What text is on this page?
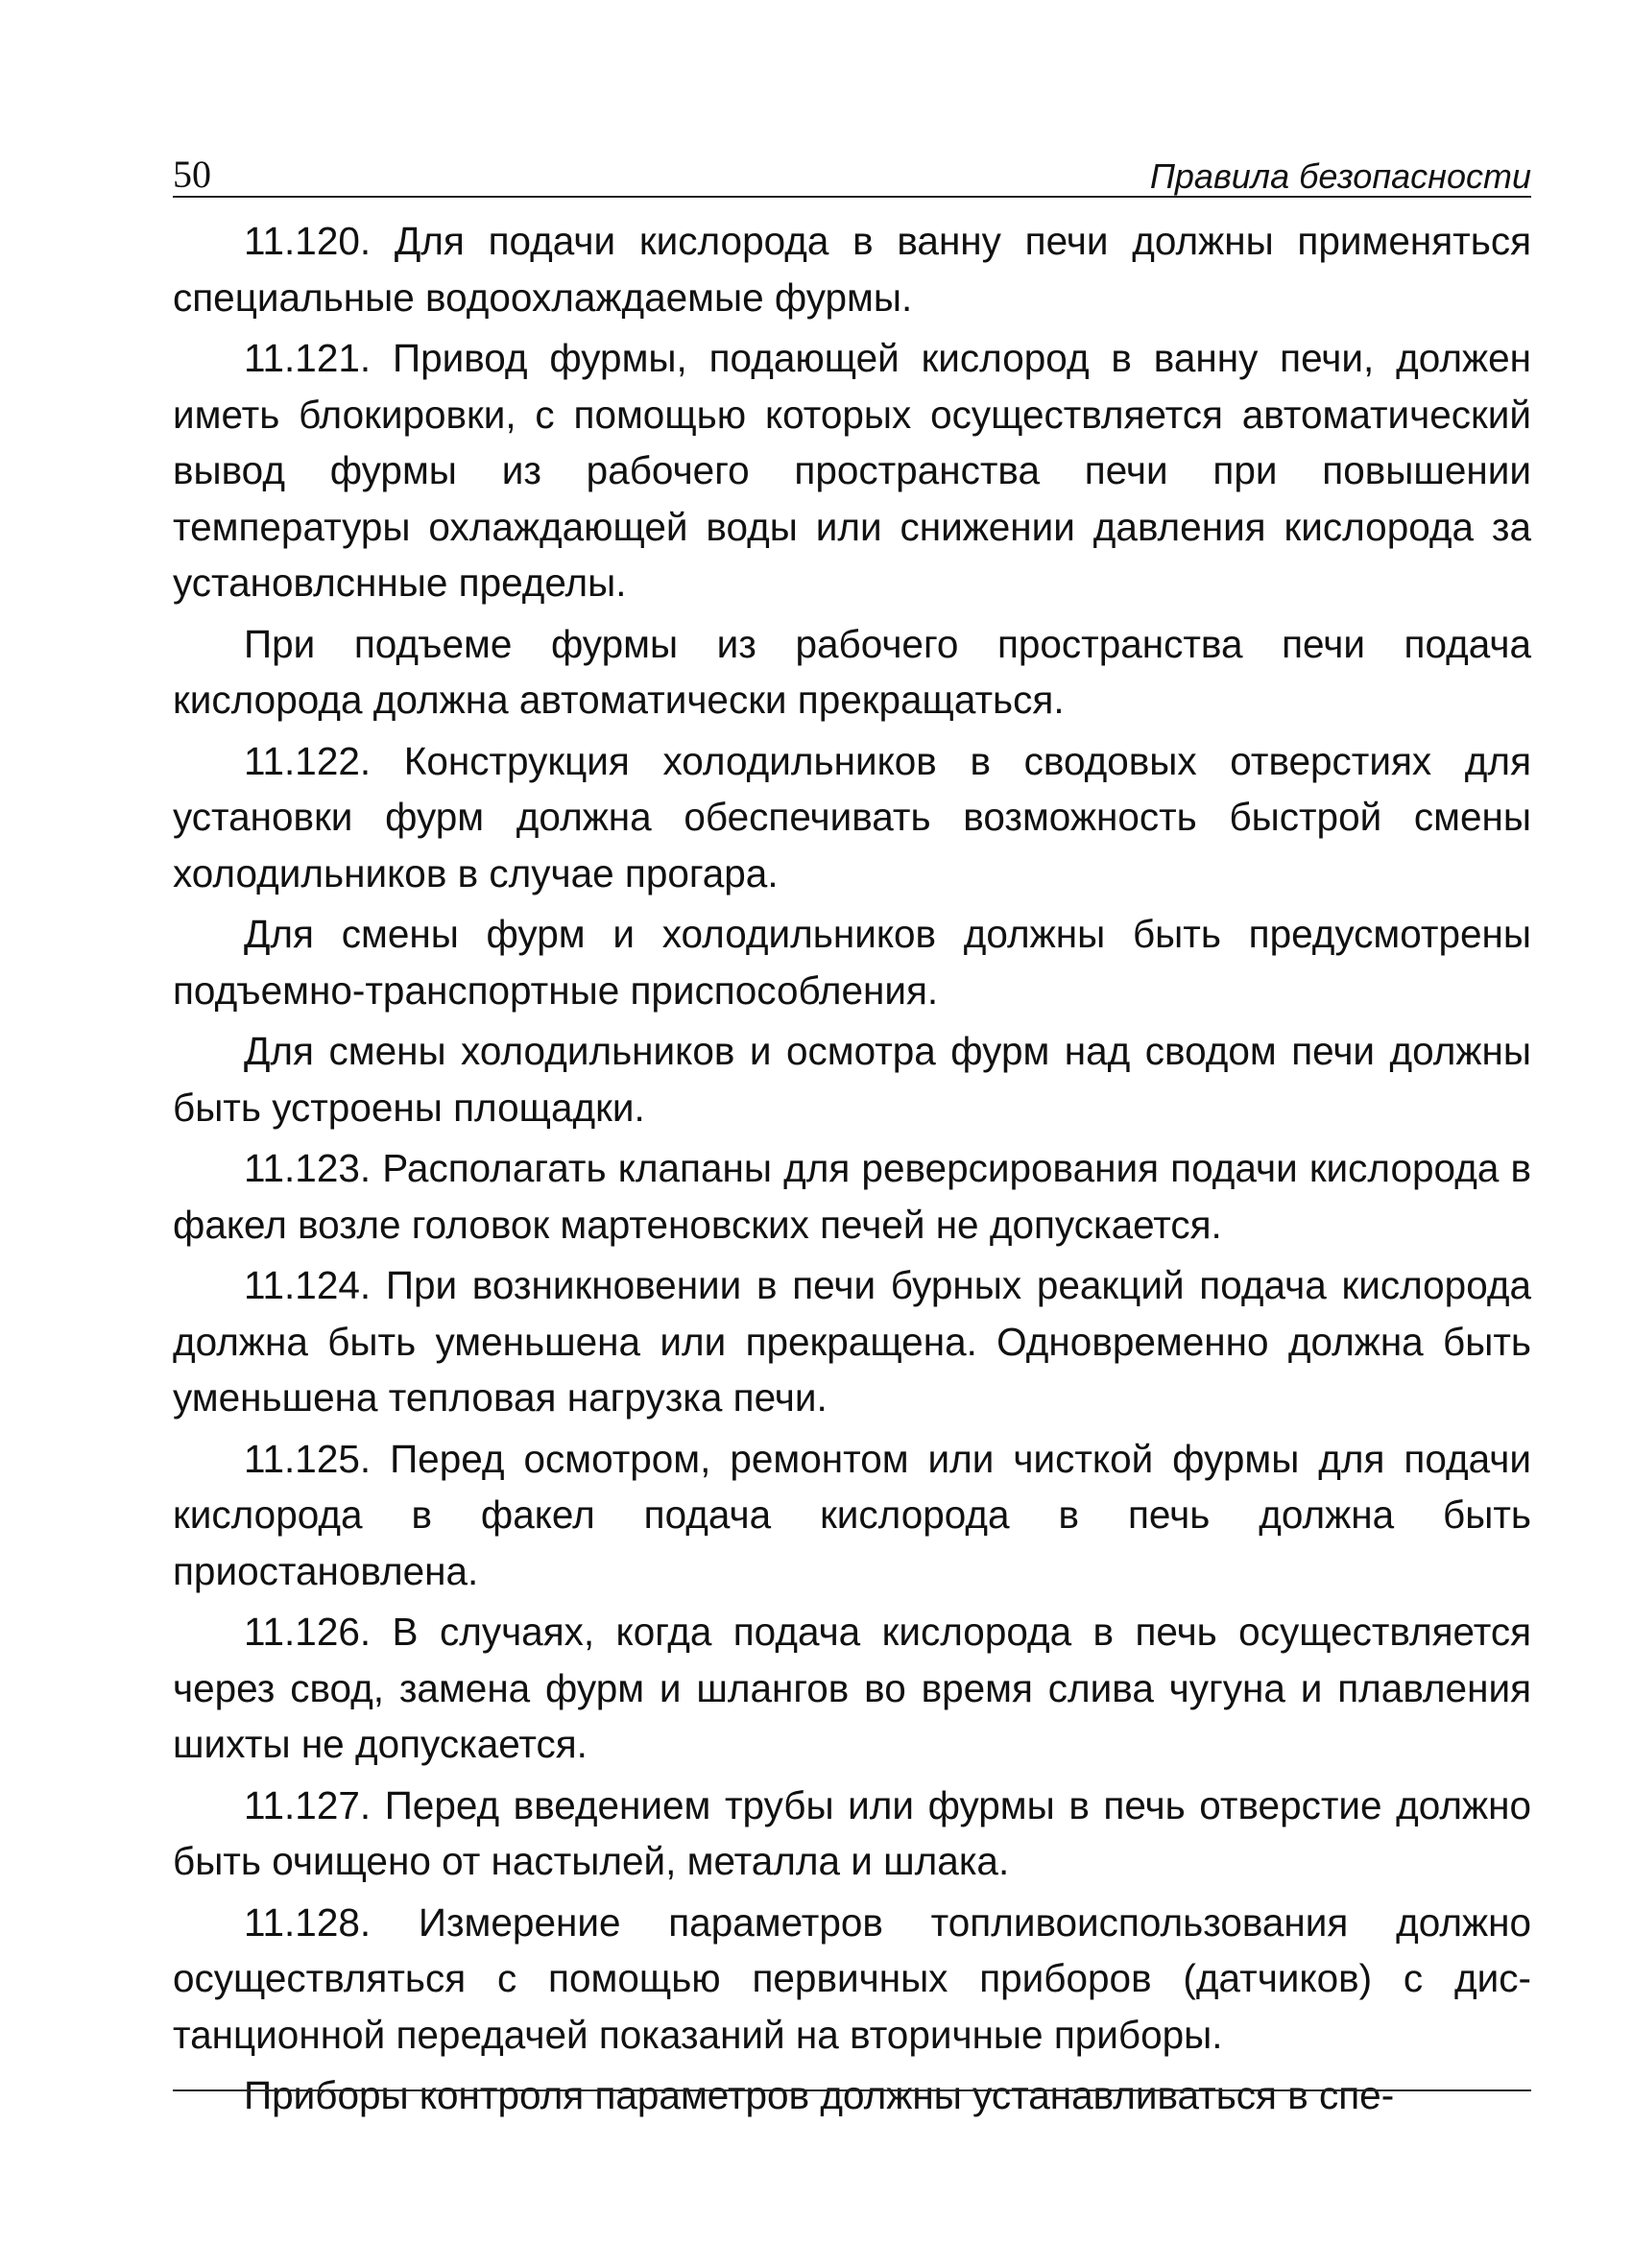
50	Правила безопасности

11.120. Для подачи кислорода в ванну печи должны применяться специальные водоохлаждаемые фурмы.

11.121. Привод фурмы, подающей кислород в ванну печи, должен иметь блокировки, с помощью которых осуществляется автоматический вывод фурмы из рабочего пространства печи при повышении температуры охлаждающей воды или снижении давления кислорода за установлснные пределы.

При подъеме фурмы из рабочего пространства печи подача кислорода должна автоматически прекращаться.

11.122. Конструкция холодильников в сводовых отверстиях для установки фурм должна обеспечивать возможность быстрой смены холодильников в случае прогара.

Для смены фурм и холодильников должны быть предусмотрены подъемно-транспортные приспособления.

Для смены холодильников и осмотра фурм над сводом печи должны быть устроены площадки.

11.123. Располагать клапаны для реверсирования подачи кислорода в факел возле головок мартеновских печей не допускается.

11.124. При возникновении в печи бурных реакций подача кислорода должна быть уменьшена или прекращена. Одновременно должна быть уменьшена тепловая нагрузка печи.

11.125. Перед осмотром, ремонтом или чисткой фурмы для подачи кислорода в факел подача кислорода в печь должна быть приостановлена.

11.126. В случаях, когда подача кислорода в печь осуществляется через свод, замена фурм и шлангов во время слива чугуна и плавления шихты не допускается.

11.127. Перед введением трубы или фурмы в печь отверстие должно быть очищено от настылей, металла и шлака.

11.128. Измерение параметров топливоиспользования должно осуществляться с помощью первичных приборов (датчиков) с дистанционной передачей показаний на вторичные приборы.

Приборы контроля параметров должны устанавливаться в спе-
